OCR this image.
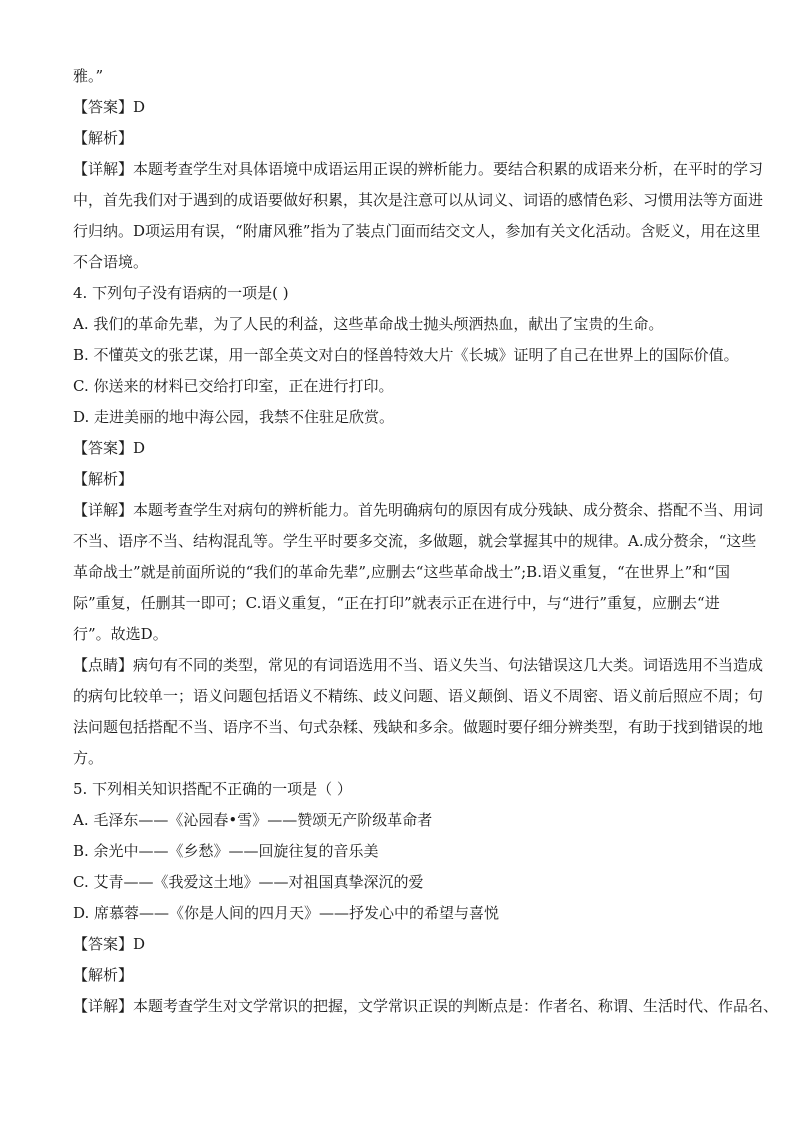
雅。”
【答案】D
【解析】
【详解】本题考查学生对具体语境中成语运用正误的辨析能力。要结合积累的成语来分析，在平时的学习
中，首先我们对于遇到的成语要做好积累，其次是注意可以从词义、词语的感情色彩、习惯用法等方面进
行归纳。D项运用有误，“附庸风雅”指为了装点门面而结交文人，参加有关文化活动。含贬义，用在这里
不合语境。
4. 下列句子没有语病的一项是( )
A. 我们的革命先辈，为了人民的利益，这些革命战士抛头颅洒热血，献出了宝贵的生命。
B. 不懂英文的张艺谋，用一部全英文对白的怪兽特效大片《长城》证明了自己在世界上的国际价值。
C. 你送来的材料已交给打印室，正在进行打印。
D. 走进美丽的地中海公园，我禁不住驻足欣赏。
【答案】D
【解析】
【详解】本题考查学生对病句的辨析能力。首先明确病句的原因有成分残缺、成分赘余、搭配不当、用词
不当、语序不当、结构混乱等。学生平时要多交流，多做题，就会掌握其中的规律。A.成分赘余，“这些
革命战士”就是前面所说的“我们的革命先辈”,应删去“这些革命战士”;B.语义重复，“在世界上”和“国
际”重复，任删其一即可；C.语义重复，“正在打印”就表示正在进行中，与“进行”重复，应删去“进
行”。故选D。
【点睛】病句有不同的类型，常见的有词语选用不当、语义失当、句法错误这几大类。词语选用不当造成
的病句比较单一；语义问题包括语义不精练、歧义问题、语义颠倒、语义不周密、语义前后照应不周；句
法问题包括搭配不当、语序不当、句式杂糅、残缺和多余。做题时要仔细分辨类型，有助于找到错误的地
方。
5. 下列相关知识搭配不正确的一项是（ ）
A. 毛泽东——《沁园春•雪》——赞颂无产阶级革命者
B. 余光中——《乡愁》——回旋往复的音乐美
C. 艾青——《我爱这土地》——对祖国真挚深沉的爱
D. 席慕蓉——《你是人间的四月天》——抒发心中的希望与喜悦
【答案】D
【解析】
【详解】本题考查学生对文学常识的把握，文学常识正误的判断点是：作者名、称谓、生活时代、作品名、
